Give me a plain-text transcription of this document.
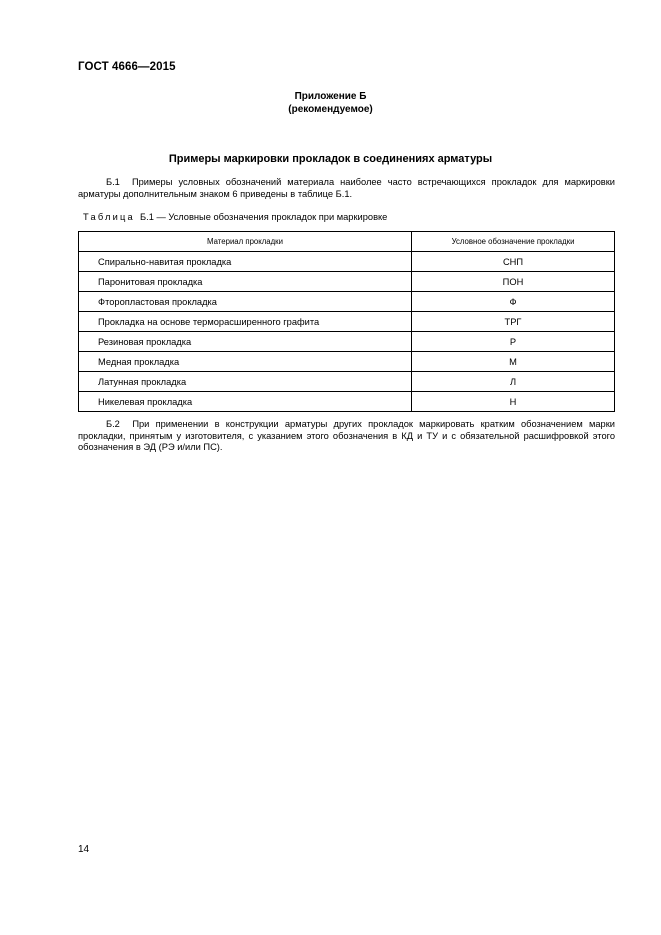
ГОСТ 4666—2015
Приложение Б
(рекомендуемое)
Примеры маркировки прокладок в соединениях арматуры
Б.1 Примеры условных обозначений материала наиболее часто встречающихся прокладок для маркировки арматуры дополнительным знаком 6 приведены в таблице Б.1.
Таблица Б.1 — Условные обозначения прокладок при маркировке
Материал прокладки	Условное обозначение прокладки
Спирально-навитая прокладка	СНП
Паронитовая прокладка	ПОН
Фторопластовая прокладка	Ф
Прокладка на основе терморасширенного графита	ТРГ
Резиновая прокладка	Р
Медная прокладка	М
Латунная прокладка	Л
Никелевая прокладка	Н
Б.2 При применении в конструкции арматуры других прокладок маркировать кратким обозначением марки прокладки, принятым у изготовителя, с указанием этого обозначения в КД и ТУ и с обязательной расшифровкой этого обозначения в ЭД (РЭ и/или ПС).
14
